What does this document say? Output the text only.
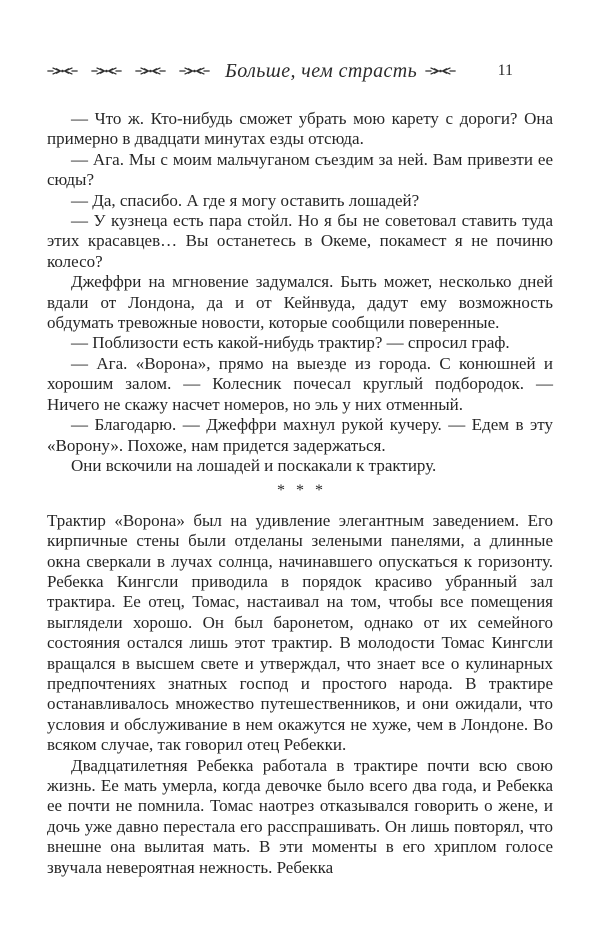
Больше, чем страсть	11

— Что ж. Кто-нибудь сможет убрать мою карету с дороги? Она примерно в двадцати минутах езды отсюда.

— Ага. Мы с моим мальчуганом съездим за ней. Вам привезти ее сюды?

— Да, спасибо. А где я могу оставить лошадей?

— У кузнеца есть пара стойл. Но я бы не советовал ставить туда этих красавцев… Вы останетесь в Океме, покамест я не починю колесо?

Джеффри на мгновение задумался. Быть может, несколько дней вдали от Лондона, да и от Кейнвуда, дадут ему возможность обдумать тревожные новости, которые сообщили поверенные.

— Поблизости есть какой-нибудь трактир? — спросил граф.

— Ага. «Ворона», прямо на выезде из города. С конюшней и хорошим залом. — Колесник почесал круглый подбородок. — Ничего не скажу насчет номеров, но эль у них отменный.

— Благодарю. — Джеффри махнул рукой кучеру. — Едем в эту «Ворону». Похоже, нам придется задержаться.

Они вскочили на лошадей и поскакали к трактиру.

* * *

Трактир «Ворона» был на удивление элегантным заведением. Его кирпичные стены были отделаны зелеными панелями, а длинные окна сверкали в лучах солнца, начинавшего опускаться к горизонту. Ребекка Кингсли приводила в порядок красиво убранный зал трактира. Ее отец, Томас, настаивал на том, чтобы все помещения выглядели хорошо. Он был баронетом, однако от их семейного состояния остался лишь этот трактир. В молодости Томас Кингсли вращался в высшем свете и утверждал, что знает все о кулинарных предпочтениях знатных господ и простого народа. В трактире останавливалось множество путешественников, и они ожидали, что условия и обслуживание в нем окажутся не хуже, чем в Лондоне. Во всяком случае, так говорил отец Ребекки.

Двадцатилетняя Ребекка работала в трактире почти всю свою жизнь. Ее мать умерла, когда девочке было всего два года, и Ребекка ее почти не помнила. Томас наотрез отказывался говорить о жене, и дочь уже давно перестала его расспрашивать. Он лишь повторял, что внешне она вылитая мать. В эти моменты в его хриплом голосе звучала невероятная нежность. Ребекка
